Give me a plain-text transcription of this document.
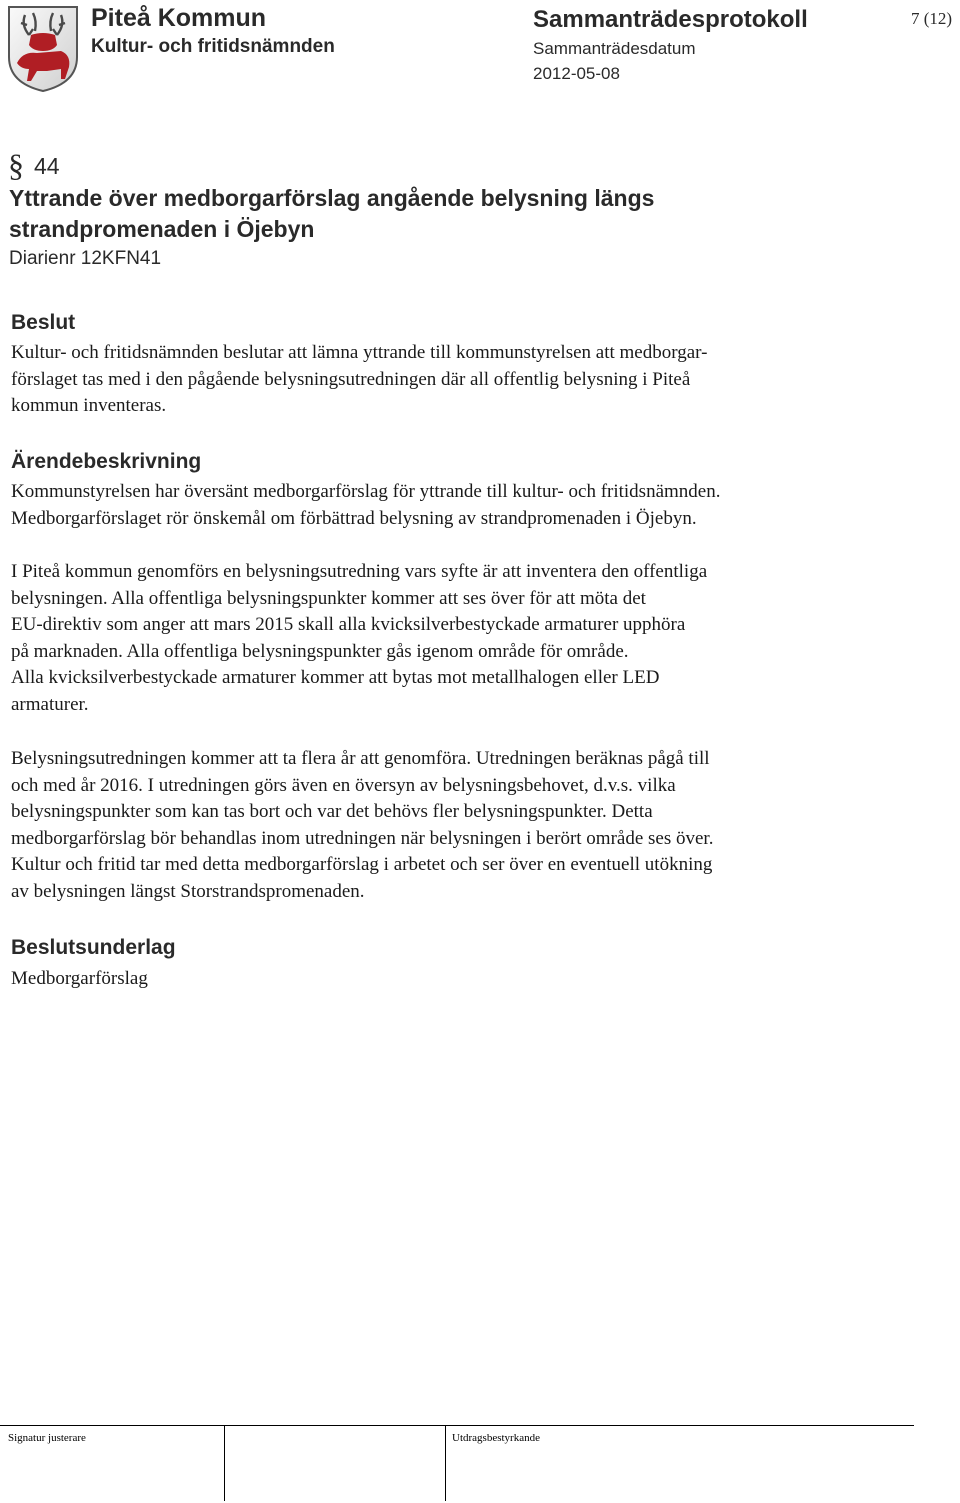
Piteå Kommun
Kultur- och fritidsnämnden
Sammanträdesprotokoll
Sammanträdesdatum
2012-05-08
7 (12)
§ 44
Yttrande över medborgarförslag angående belysning längs
strandpromenaden i Öjebyn
Diarienr 12KFN41
Beslut
Kultur- och fritidsnämnden beslutar att lämna yttrande till kommunstyrelsen att medborgar-
förslaget tas med i den pågående belysningsutredningen där all offentlig belysning i Piteå
kommun inventeras.
Ärendebeskrivning
Kommunstyrelsen har översänt medborgarförslag för yttrande till kultur- och fritidsnämnden.
Medborgarförslaget rör önskemål om förbättrad belysning av strandpromenaden i Öjebyn.
I Piteå kommun genomförs en belysningsutredning vars syfte är att inventera den offentliga
belysningen. Alla offentliga belysningspunkter kommer att ses över för att möta det
EU-direktiv som anger att mars 2015 skall alla kvicksilverbestyckade armaturer upphöra
på marknaden. Alla offentliga belysningspunkter gås igenom område för område.
Alla kvicksilverbestyckade armaturer kommer att bytas mot metallhalogen eller LED
armaturer.
Belysningsutredningen kommer att ta flera år att genomföra. Utredningen beräknas pågå till
och med år 2016. I utredningen görs även en översyn av belysningsbehovet, d.v.s. vilka
belysningspunkter som kan tas bort och var det behövs fler belysningspunkter. Detta
medborgarförslag bör behandlas inom utredningen när belysningen i berört område ses över.
Kultur och fritid tar med detta medborgarförslag i arbetet och ser över en eventuell utökning
av belysningen längst Storstrandspromenaden.
Beslutsunderlag
Medborgarförslag
Signatur justerare	Utdragsbestyrkande
